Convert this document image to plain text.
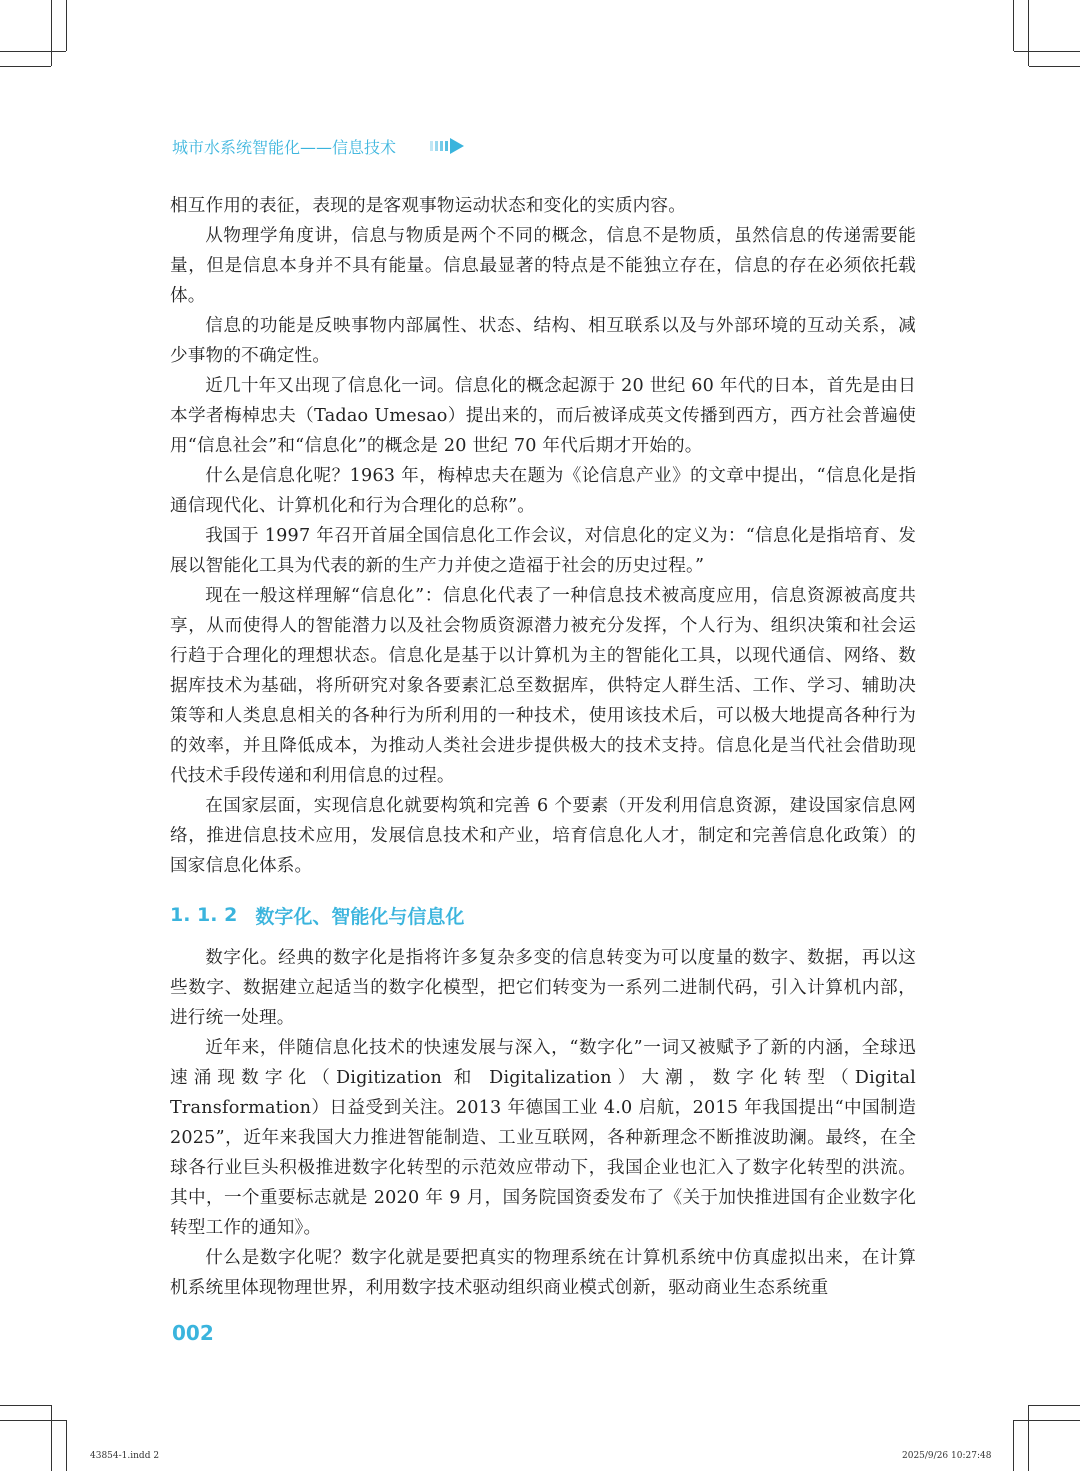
城市水系统智能化——信息技术

相互作用的表征，表现的是客观事物运动状态和变化的实质内容。

从物理学角度讲，信息与物质是两个不同的概念，信息不是物质，虽然信息的传递需要能量，但是信息本身并不具有能量。信息最显著的特点是不能独立存在，信息的存在必须依托载体。

信息的功能是反映事物内部属性、状态、结构、相互联系以及与外部环境的互动关系，减少事物的不确定性。

近几十年又出现了信息化一词。信息化的概念起源于 20 世纪 60 年代的日本，首先是由日本学者梅棹忠夫（Tadao Umesao）提出来的，而后被译成英文传播到西方，西方社会普遍使用“信息社会”和“信息化”的概念是 20 世纪 70 年代后期才开始的。

什么是信息化呢？1963 年，梅棹忠夫在题为《论信息产业》的文章中提出，“信息化是指通信现代化、计算机化和行为合理化的总称”。

我国于 1997 年召开首届全国信息化工作会议，对信息化的定义为：“信息化是指培育、发展以智能化工具为代表的新的生产力并使之造福于社会的历史过程。”

现在一般这样理解“信息化”：信息化代表了一种信息技术被高度应用，信息资源被高度共享，从而使得人的智能潜力以及社会物质资源潜力被充分发挥，个人行为、组织决策和社会运行趋于合理化的理想状态。信息化是基于以计算机为主的智能化工具，以现代通信、网络、数据库技术为基础，将所研究对象各要素汇总至数据库，供特定人群生活、工作、学习、辅助决策等和人类息息相关的各种行为所利用的一种技术，使用该技术后，可以极大地提高各种行为的效率，并且降低成本，为推动人类社会进步提供极大的技术支持。信息化是当代社会借助现代技术手段传递和利用信息的过程。

在国家层面，实现信息化就要构筑和完善 6 个要素（开发利用信息资源，建设国家信息网络，推进信息技术应用，发展信息技术和产业，培育信息化人才，制定和完善信息化政策）的国家信息化体系。

1. 1. 2 数字化、智能化与信息化

数字化。经典的数字化是指将许多复杂多变的信息转变为可以度量的数字、数据，再以这些数字、数据建立起适当的数字化模型，把它们转变为一系列二进制代码，引入计算机内部，进行统一处理。

近年来，伴随信息化技术的快速发展与深入，“数字化”一词又被赋予了新的内涵，全球迅速涌现数字化（Digitization 和 Digitalization）大潮，数字化转型（Digital Transformation）日益受到关注。2013 年德国工业 4.0 启航，2015 年我国提出“中国制造 2025”，近年来我国大力推进智能制造、工业互联网，各种新理念不断推波助澜。最终，在全球各行业巨头积极推进数字化转型的示范效应带动下，我国企业也汇入了数字化转型的洪流。其中，一个重要标志就是 2020 年 9 月，国务院国资委发布了《关于加快推进国有企业数字化转型工作的通知》。

什么是数字化呢？数字化就是要把真实的物理系统在计算机系统中仿真虚拟出来，在计算机系统里体现物理世界，利用数字技术驱动组织商业模式创新，驱动商业生态系统重

002
43854-1.indd 2	2025/9/26 10:27:48
